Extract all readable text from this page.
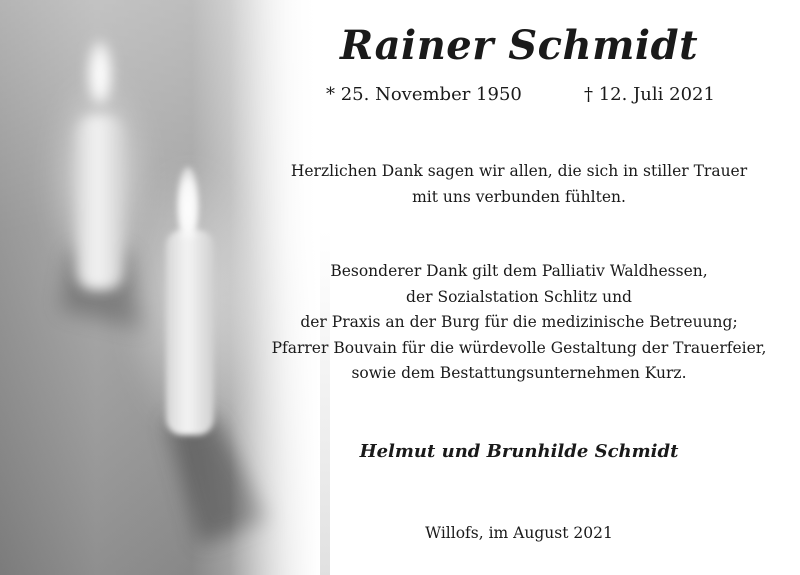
Rainer Schmidt
* 25. November 1950	† 12. Juli 2021
Herzlichen Dank sagen wir allen, die sich in stiller Trauer
mit uns verbunden fühlten.
Besonderer Dank gilt dem Palliativ Waldhessen,
der Sozialstation Schlitz und
der Praxis an der Burg für die medizinische Betreuung;
Pfarrer Bouvain für die würdevolle Gestaltung der Trauerfeier,
sowie dem Bestattungsunternehmen Kurz.
Helmut und Brunhilde Schmidt
Willofs, im August 2021
